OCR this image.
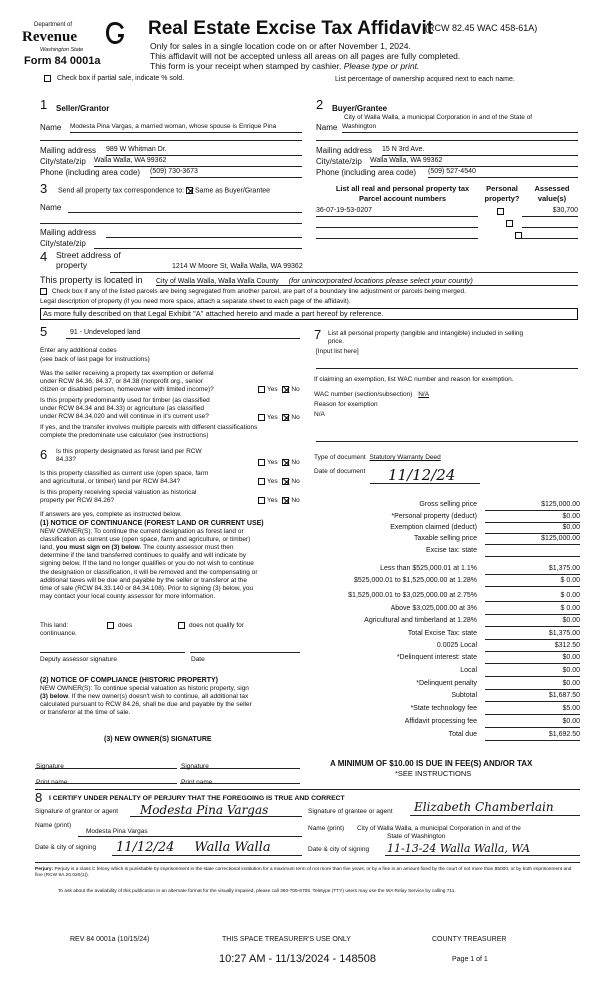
Department of
Revenue
Washington State
Form 84 0001a
Real Estate Excise Tax Affidavit
(RCW 82.45 WAC 458-61A)
Only for sales in a single location code on or after November 1, 2024.
This affidavit will not be accepted unless all areas on all pages are fully completed.
This form is your receipt when stamped by cashier. Please type or print.
Check box if partial sale, indicate % sold.	List percentage of ownership acquired next to each name.
1 Seller/Grantor
Name Modesta Pina Vargas, a married woman, whose spouse is Enrique Pina
Mailing address 989 W Whitman Dr.
City/state/zip Walla Walla, WA 99362
Phone (including area code) (509) 730-3673
2 Buyer/Grantee
City of Walla Walla, a municipal Corporation in and of the State of
Name Washington
Mailing address 15 N 3rd Ave.
City/state/zip Walla Walla, WA 99362
Phone (including area code) (509) 527-4540
3 Send all property tax correspondence to:  Same as Buyer/Grantee
Name
Mailing address
City/state/zip
List all real and personal property tax
Parcel account numbers
Personal
property?
Assessed
value(s)
36-07-19-53-0207
	$30,700

4 Street address of
property	1214 W Moore St, Walla Walla, WA 99362
This property is located in City of Walla Walla, Walla Walla County (for unincorporated locations please select your county)
Check box if any of the listed parcels are being segregated from another parcel, are part of a boundary line adjustment or parcels being merged.
Legal description of property (if you need more space, attach a separate sheet to each page of the affidavit).
As more fully described on that Legal Exhibit "A" attached hereto and made a part hereof by reference.
5	91 - Undeveloped land
Enter any additional codes
(see back of last page for instructions)
Was the seller receiving a property tax exemption or deferral
under RCW 84.36, 84.37, or 84.38 (nonprofit org., senior
citizen or disabled person, homeowner with limited income)?	Yes No
Is this property predominantly used for timber (as classified
under RCW 84.34 and 84.33) or agriculture (as classified
under RCW 84.34.020 and will continue in it's current use?	Yes No
If yes, and the transfer involves multiple parcels with different classifications
complete the predominate use calculator (see instructions)
6 Is this property designated as forest land per RCW
84.33?	Yes No
Is this property classified as current use (open space, farm
and agricultural, or timber) land per RCW 84.34?	Yes No
Is this property receiving special valuation as historical
property per RCW 84.26?	Yes No
If answers are yes, complete as instructed below.
(1) NOTICE OF CONTINUANCE (FOREST LAND OR CURRENT USE)
NEW OWNER(S): To continue the current designation as forest land or
classification as current use (open space, farm and agriculture, or timber)
land, you must sign on (3) below. The county assessor must then
determine if the land transferred continues to qualify and will indicate by
signing below. If the land no longer qualifies or you do not wish to continue
the designation or classification, it will be removed and the compensating or
additional taxes will be due and payable by the seller or transferor at the
time of sale (RCW 84.33.140 or 84.34.108). Prior to signing (3) below, you
may contact your local county assessor for more information.
This land:
continuance.
does	does not qualify for
Deputy assessor signature	Date
(2) NOTICE OF COMPLIANCE (HISTORIC PROPERTY)
NEW OWNER(S): To continue special valuation as historic property, sign
(3) below. If the new owner(s) doesn't wish to continue, all additional tax
calculated pursuant to RCW 84.26, shall be due and payable by the seller
or transferor at the time of sale.
(3) NEW OWNER(S) SIGNATURE
Signature	Signature
Print name	Print name
7 List all personal property (tangible and intangible) included in selling
price.
[Input list here]
If claiming an exemption, list WAC number and reason for exemption.
WAC number (section/subsection) N/A
Reason for exemption
N/A
Type of document Statutory Warranty Deed
Date of document	11/12/24
Gross selling price	$125,000.00
*Personal property (deduct)	$0.00
Exemption claimed (deduct)	$0.00
Taxable selling price	$125,000.00
Excise tax: state
Less than $525,000.01 at 1.1%	$1,375.00
$525,000.01 to $1,525,000.00 at 1.28%	$ 0.00
$1,525,000.01 to $3,025,000.00 at 2.75%	$ 0.00
Above $3,025,000.00 at 3%	$ 0.00
Agricultural and timberland at 1.28%	$0.00
Total Excise Tax: state	$1,375.00
0.0025 Local	$312.50
*Delinquent interest: state	$0.00
Local	$0.00
*Delinquent penalty	$0.00
Subtotal	$1,687.50
*State technology fee	$5.00
Affidavit processing fee	$0.00
Total due	$1,692.50
A MINIMUM OF $10.00 IS DUE IN FEE(S) AND/OR TAX
*SEE INSTRUCTIONS
8 I CERTIFY UNDER PENALTY OF PERJURY THAT THE FOREGOING IS TRUE AND CORRECT
Signature of grantor or agent	Modesta Pina Vargas
Name (print)
Modesta Pina Vargas
Date & city of signing	11/12/24 Walla Walla
Signature of grantee or agent	Elizabeth Chamberlain
Name (print) City of Walla Walla, a municipal Corporation in and of the
State of Washington
Date & city of signing 11-13-24 Walla Walla, WA
Perjury: Perjury is a class C felony which is punishable by imprisonment in the state correctional institution for a maximum term of not more than five years, or by a fine in an amount fixed by the court of not more than $5000, or by both imprisonment and fine (RCW 9A.20.020(1)).
To ask about the availability of this publication in an alternate format for the visually impaired, please call 360-705-6705. Teletype (TTY) users may use the WA Relay Service by calling 711.
REV 84 0001a (10/15/24)	THIS SPACE TREASURER'S USE ONLY	COUNTY TREASURER
10:27 AM - 11/13/2024 - 148508	Page 1 of 1
